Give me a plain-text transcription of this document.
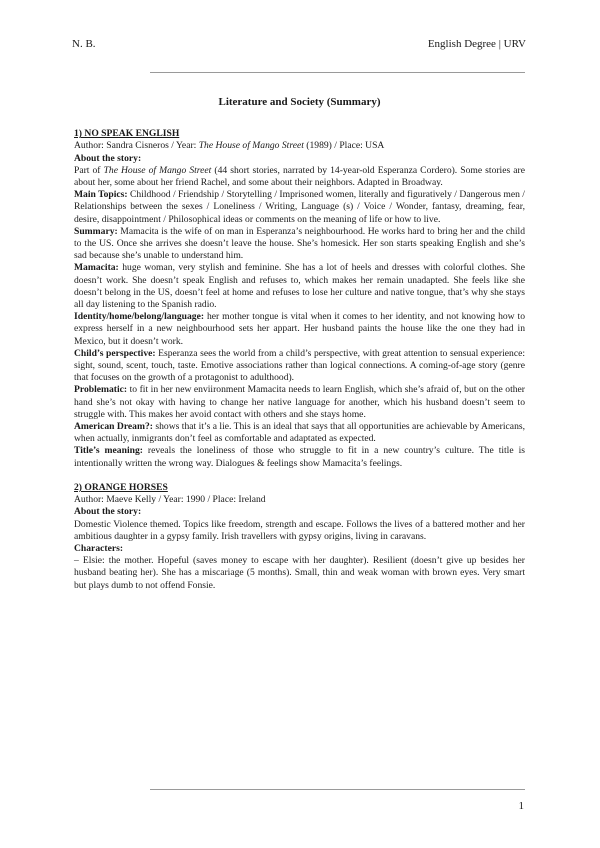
N. B.	English Degree | URV
Literature and Society (Summary)
1) NO SPEAK ENGLISH
Author: Sandra Cisneros / Year: The House of Mango Street (1989) / Place: USA
About the story:

Part of The House of Mango Street (44 short stories, narrated by 14-year-old Esperanza Cordero). Some stories are about her, some about her friend Rachel, and some about their neighbors. Adapted in Broadway.

Main Topics: Childhood / Friendship / Storytelling / Imprisoned women, literally and figuratively / Dangerous men / Relationships between the sexes / Loneliness / Writing, Language (s) / Voice / Wonder, fantasy, dreaming, fear, desire, disappointment / Philosophical ideas or comments on the meaning of life or how to live.

Summary: Mamacita is the wife of on man in Esperanza’s neighbourhood. He works hard to bring her and the child to the US. Once she arrives she doesn’t leave the house. She’s homesick. Her son starts speaking English and she’s sad because she’s unable to understand him.

Mamacita: huge woman, very stylish and feminine. She has a lot of heels and dresses with colorful clothes. She doesn’t work. She doesn’t speak English and refuses to, which makes her remain unadapted. She feels like she doesn’t belong in the US, doesn’t feel at home and refuses to lose her culture and native tongue, that’s why she stays all day listening to the Spanish radio.

Identity/home/belong/language: her mother tongue is vital when it comes to her identity, and not knowing how to express herself in a new neighbourhood sets her appart. Her husband paints the house like the one they had in Mexico, but it doesn’t work.

Child’s perspective: Esperanza sees the world from a child’s perspective, with great attention to sensual experience: sight, sound, scent, touch, taste. Emotive associations rather than logical connections. A coming-of-age story (genre that focuses on the growth of a protagonist to adulthood).

Problematic: to fit in her new enviironment Mamacita needs to learn English, which she’s afraid of, but on the other hand she’s not okay with having to change her native language for another, which his husband doesn’t seem to struggle with. This makes her avoid contact with others and she stays home.

American Dream?: shows that it’s a lie. This is an ideal that says that all opportunities are achievable by Americans, when actually, inmigrants don’t feel as comfortable and adaptated as expected.

Title’s meaning: reveals the loneliness of those who struggle to fit in a new country’s culture. The title is intentionally written the wrong way. Dialogues & feelings show Mamacita’s feelings.

2) ORANGE HORSES
Author: Maeve Kelly / Year: 1990 / Place: Ireland
About the story:

Domestic Violence themed. Topics like freedom, strength and escape. Follows the lives of a battered mother and her ambitious daughter in a gypsy family. Irish travellers with gypsy origins, living in caravans.

Characters:

– Elsie: the mother. Hopeful (saves money to escape with her daughter). Resilient (doesn’t give up besides her husband beating her). She has a miscariage (5 months). Small, thin and weak woman with brown eyes. Very smart but plays dumb to not offend Fonsie.

1
